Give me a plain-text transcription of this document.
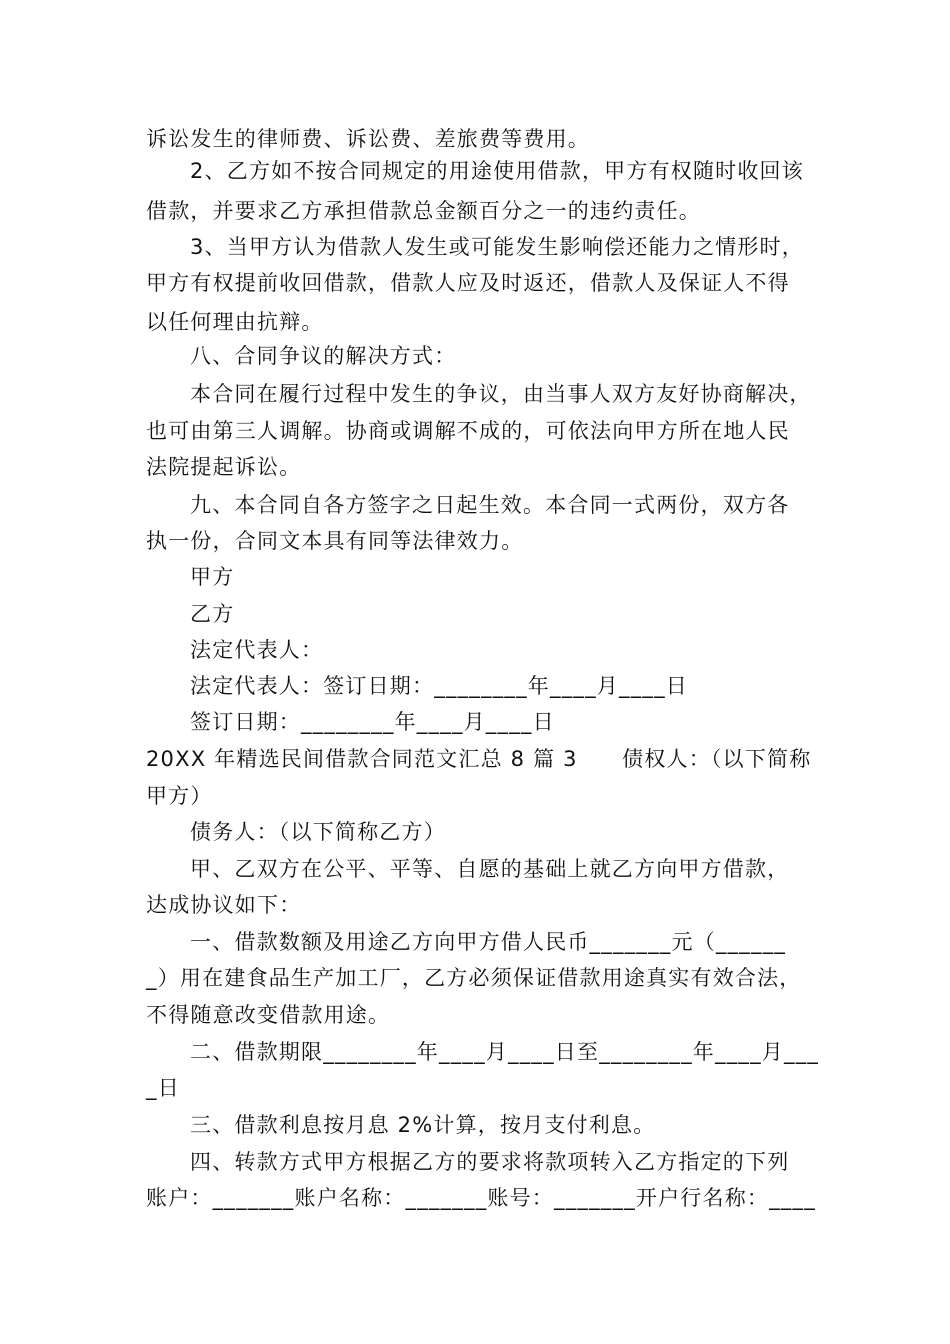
诉讼发生的律师费、诉讼费、差旅费等费用。
2、乙方如不按合同规定的用途使用借款，甲方有权随时收回该
借款，并要求乙方承担借款总金额百分之一的违约责任。
3、当甲方认为借款人发生或可能发生影响偿还能力之情形时，
甲方有权提前收回借款，借款人应及时返还，借款人及保证人不得
以任何理由抗辩。
八、合同争议的解决方式：
本合同在履行过程中发生的争议，由当事人双方友好协商解决，
也可由第三人调解。协商或调解不成的，可依法向甲方所在地人民
法院提起诉讼。
九、本合同自各方签字之日起生效。本合同一式两份，双方各
执一份，合同文本具有同等法律效力。
甲方
乙方
法定代表人：
法定代表人：签订日期：________年____月____日
签订日期：________年____月____日
20XX 年精选民间借款合同范文汇总 8 篇 3　　债权人：（以下简称
甲方）
债务人：（以下简称乙方）
甲、乙双方在公平、平等、自愿的基础上就乙方向甲方借款，
达成协议如下：
一、借款数额及用途乙方向甲方借人民币_______元（______
_）用在建食品生产加工厂，乙方必须保证借款用途真实有效合法，
不得随意改变借款用途。
二、借款期限________年____月____日至________年____月___
_日
三、借款利息按月息 2%计算，按月支付利息。
四、转款方式甲方根据乙方的要求将款项转入乙方指定的下列
账户：_______账户名称：_______账号：_______开户行名称：____
